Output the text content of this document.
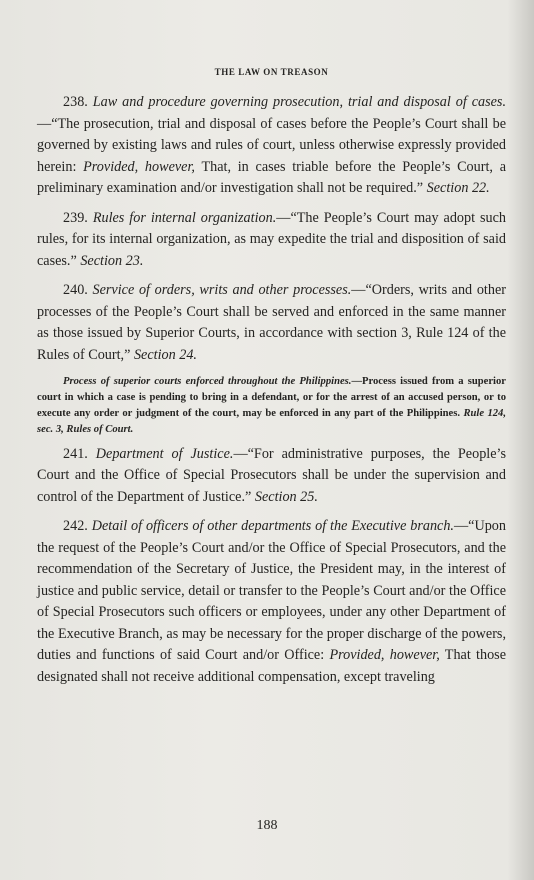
THE LAW ON TREASON

238. Law and procedure governing prosecution, trial and disposal of cases.—“The prosecution, trial and disposal of cases before the People’s Court shall be governed by existing laws and rules of court, unless otherwise expressly provided herein: Provided, however, That, in cases triable before the People’s Court, a preliminary examination and/or investigation shall not be required.” Section 22.

239. Rules for internal organization.—“The People’s Court may adopt such rules, for its internal organization, as may expedite the trial and disposition of said cases.” Section 23.

240. Service of orders, writs and other processes.—“Orders, writs and other processes of the People’s Court shall be served and enforced in the same manner as those issued by Superior Courts, in accordance with section 3, Rule 124 of the Rules of Court,” Section 24.

Process of superior courts enforced throughout the Philippines.—Process issued from a superior court in which a case is pending to bring in a defendant, or for the arrest of an accused person, or to execute any order or judgment of the court, may be enforced in any part of the Philippines. Rule 124, sec. 3, Rules of Court.

241. Department of Justice.—“For administrative purposes, the People’s Court and the Office of Special Prosecutors shall be under the supervision and control of the Department of Justice.” Section 25.

242. Detail of officers of other departments of the Executive branch.—“Upon the request of the People’s Court and/or the Office of Special Prosecutors, and the recommendation of the Secretary of Justice, the President may, in the interest of justice and public service, detail or transfer to the People’s Court and/or the Office of Special Prosecutors such officers or employees, under any other Department of the Executive Branch, as may be necessary for the proper discharge of the powers, duties and functions of said Court and/or Office: Provided, however, That those designated shall not receive additional compensation, except traveling

188
